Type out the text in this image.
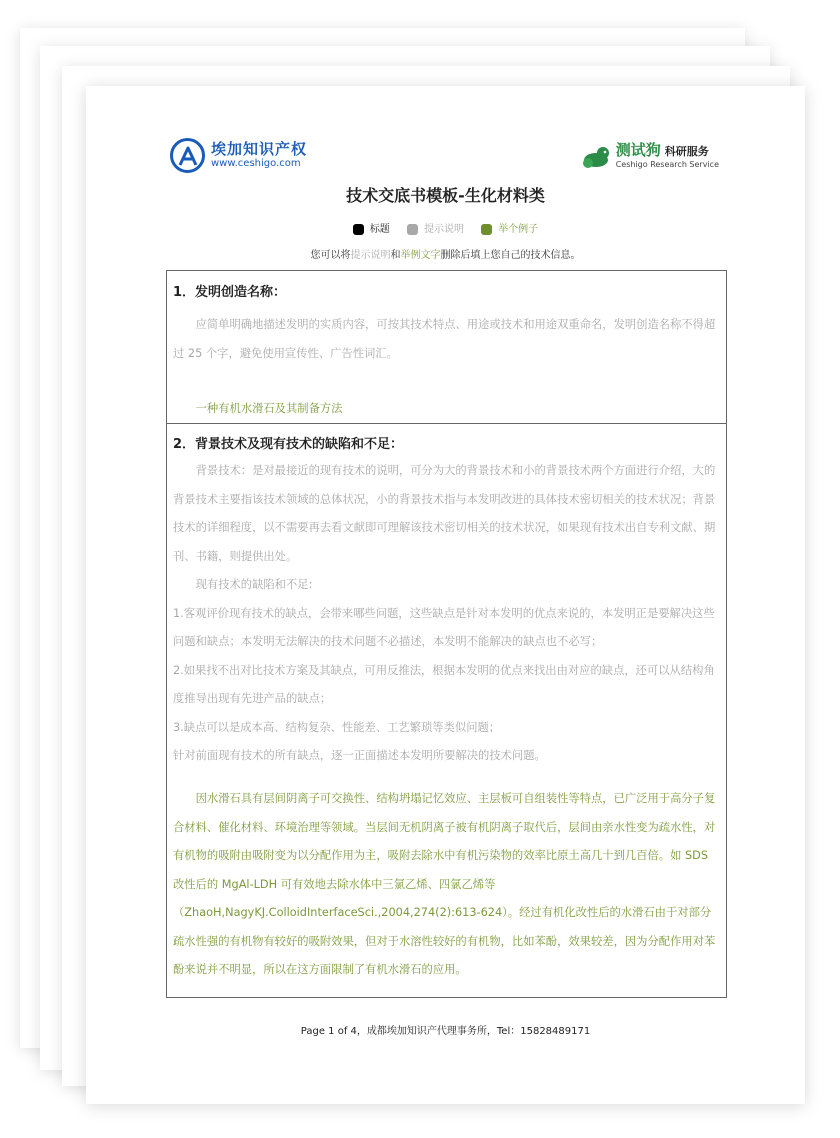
埃加知识产权
www.ceshigo.com
测试狗 科研服务
Ceshigo Research Service
技术交底书模板-生化材料类
标题	提示说明	举个例子
您可以将提示说明和举例文字删除后填上您自己的技术信息。
1．发明创造名称：

应简单明确地描述发明的实质内容，可按其技术特点、用途或技术和用途双重命名，发明创造名称不得超过 25 个字，避免使用宣传性、广告性词汇。

一种有机水滑石及其制备方法

2．背景技术及现有技术的缺陷和不足：

背景技术：是对最接近的现有技术的说明，可分为大的背景技术和小的背景技术两个方面进行介绍，大的背景技术主要指该技术领域的总体状况，小的背景技术指与本发明改进的具体技术密切相关的技术状况；背景技术的详细程度，以不需要再去看文献即可理解该技术密切相关的技术状况，如果现有技术出自专利文献、期刊、书籍，则提供出处。

现有技术的缺陷和不足:

1.客观评价现有技术的缺点，会带来哪些问题，这些缺点是针对本发明的优点来说的，本发明正是要解决这些问题和缺点；本发明无法解决的技术问题不必描述，本发明不能解决的缺点也不必写；

2.如果找不出对比技术方案及其缺点，可用反推法，根据本发明的优点来找出由对应的缺点，还可以从结构角度推导出现有先进产品的缺点；

3.缺点可以是成本高、结构复杂、性能差、工艺繁琐等类似问题；

针对前面现有技术的所有缺点，逐一正面描述本发明所要解决的技术问题。

因水滑石具有层间阴离子可交换性、结构坍塌记忆效应、主层板可自组装性等特点，已广泛用于高分子复合材料、催化材料、环境治理等领域。当层间无机阴离子被有机阴离子取代后，层间由亲水性变为疏水性，对有机物的吸附由吸附变为以分配作用为主，吸附去除水中有机污染物的效率比原土高几十到几百倍。如 SDS 改性后的 MgAl-LDH 可有效地去除水体中三氯乙烯、四氯乙烯等（ZhaoH,NagyKJ.ColloidInterfaceSci.,2004,274(2):613-624）。经过有机化改性后的水滑石由于对部分疏水性强的有机物有较好的吸附效果，但对于水溶性较好的有机物，比如苯酚，效果较差，因为分配作用对苯酚来说并不明显，所以在这方面限制了有机水滑石的应用。

Page 1 of 4，成都埃加知识产代理事务所，Tel：15828489171
